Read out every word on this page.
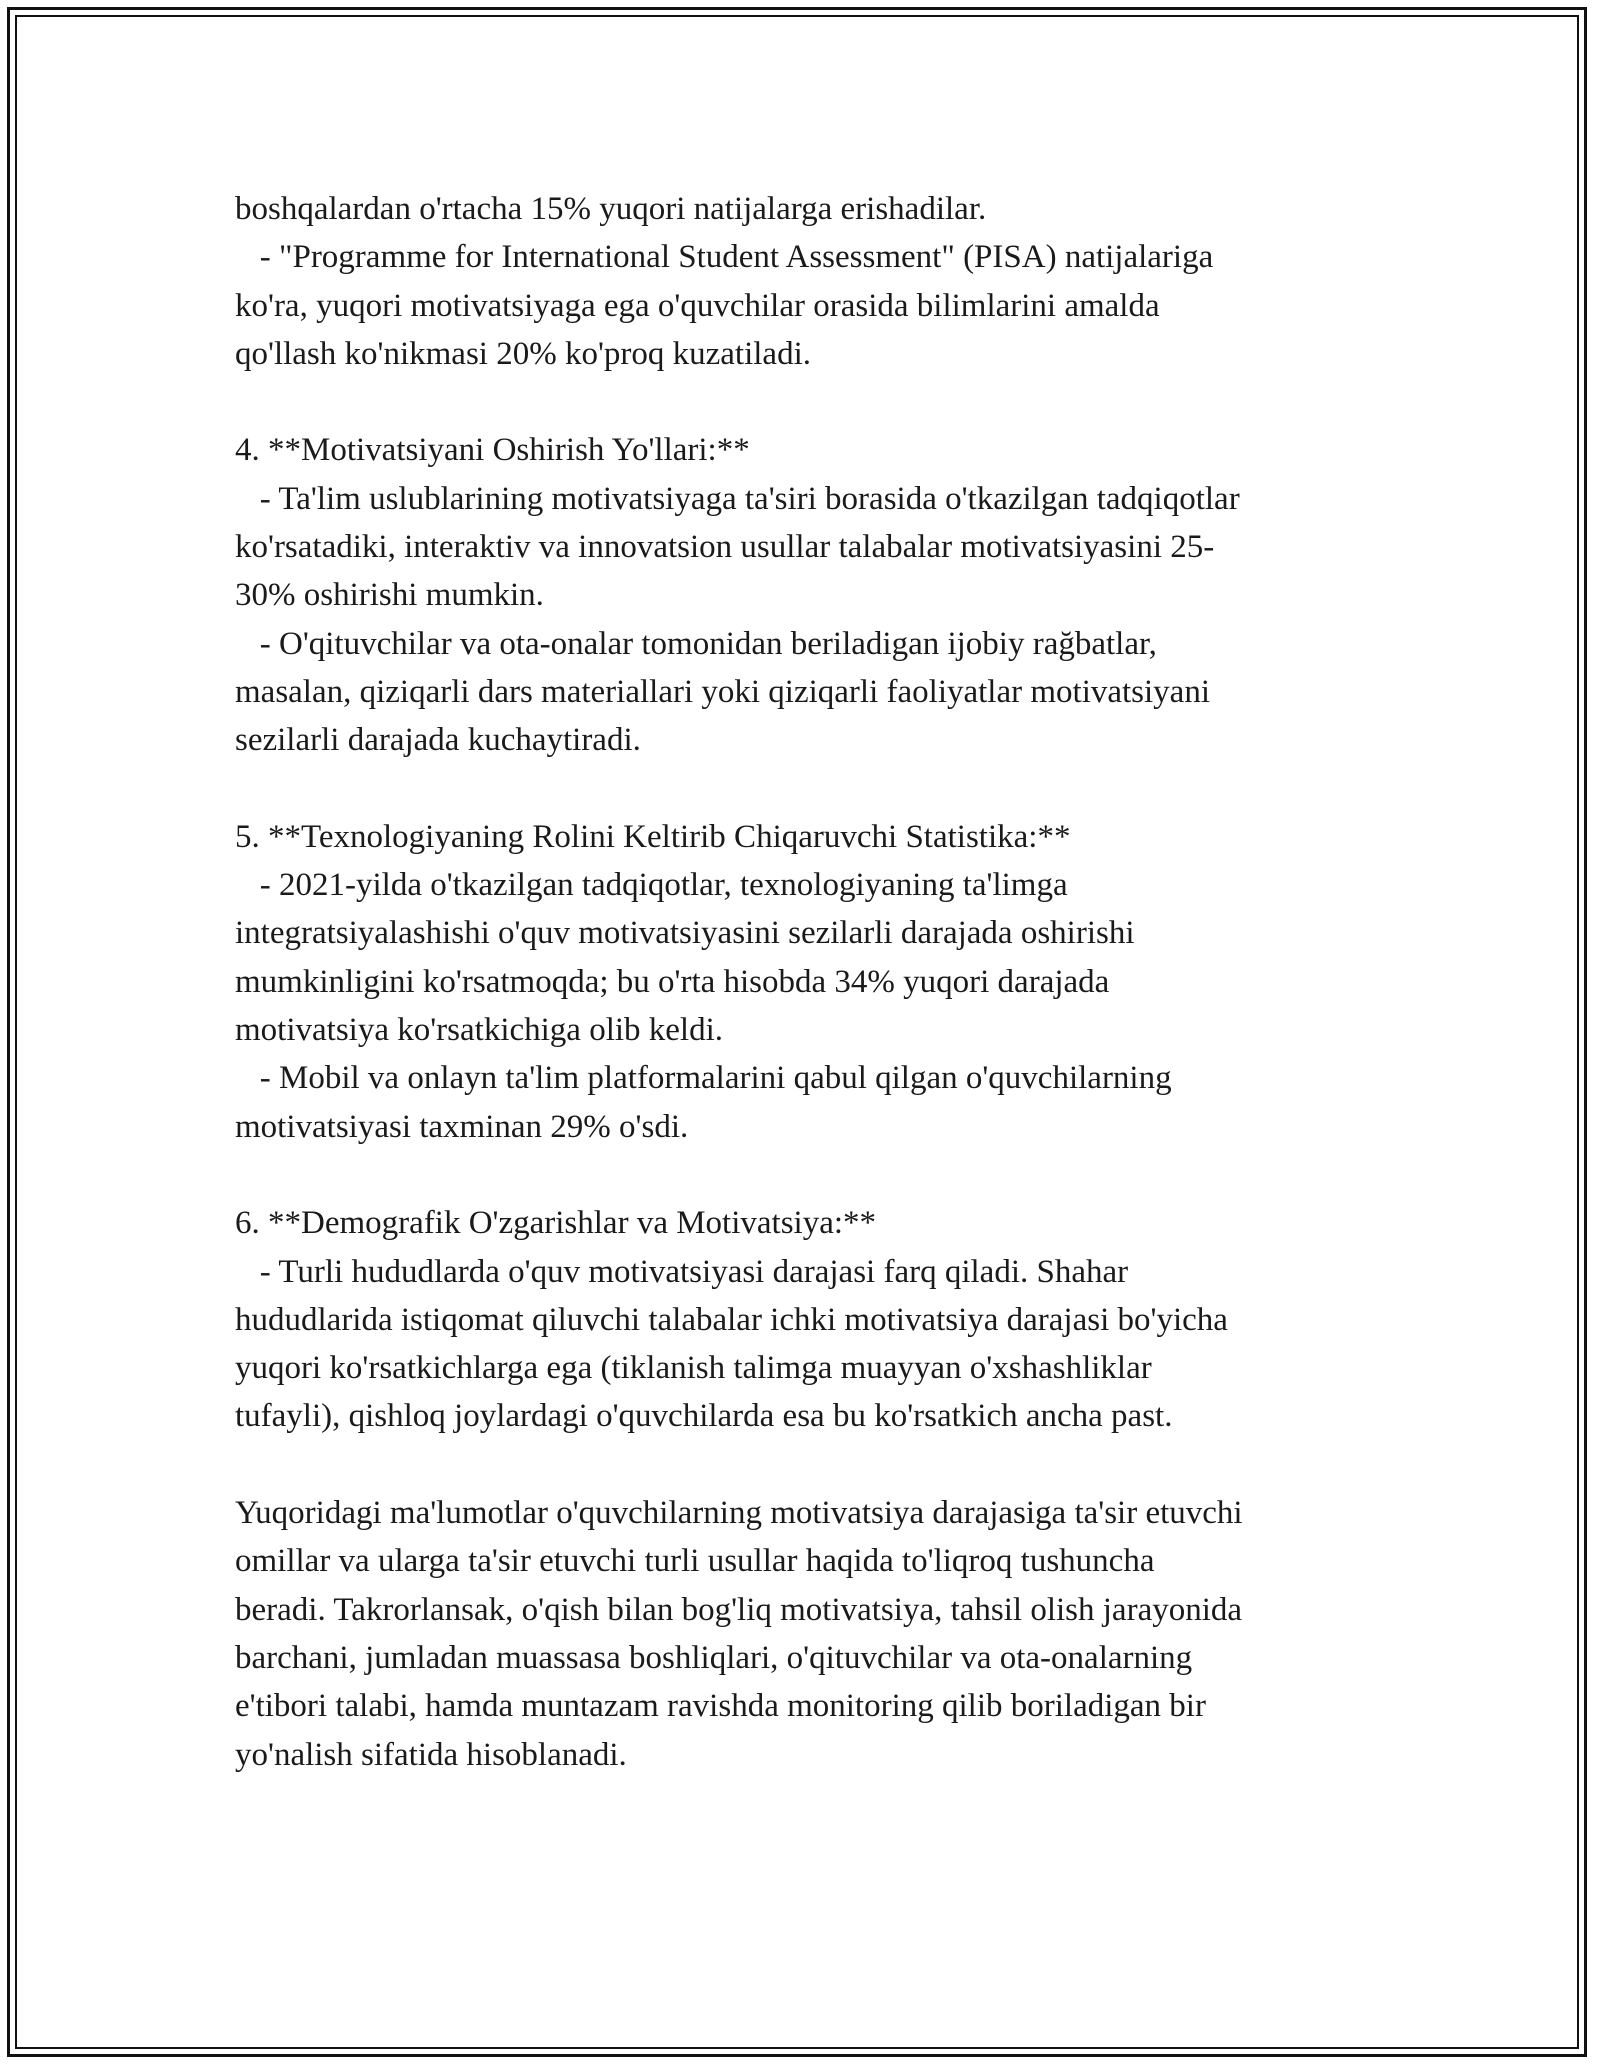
boshqalardan o'rtacha 15% yuqori natijalarga erishadilar.
- "Programme for International Student Assessment" (PISA) natijalariga
ko'ra, yuqori motivatsiyaga ega o'quvchilar orasida bilimlarini amalda
qo'llash ko'nikmasi 20% ko'proq kuzatiladi.
4. **Motivatsiyani Oshirish Yo'llari:**
- Ta'lim uslublarining motivatsiyaga ta'siri borasida o'tkazilgan tadqiqotlar
ko'rsatadiki, interaktiv va innovatsion usullar talabalar motivatsiyasini 25-
30% oshirishi mumkin.
- O'qituvchilar va ota-onalar tomonidan beriladigan ijobiy rağbatlar,
masalan, qiziqarli dars materiallari yoki qiziqarli faoliyatlar motivatsiyani
sezilarli darajada kuchaytiradi.
5. **Texnologiyaning Rolini Keltirib Chiqaruvchi Statistika:**
- 2021-yilda o'tkazilgan tadqiqotlar, texnologiyaning ta'limga
integratsiyalashishi o'quv motivatsiyasini sezilarli darajada oshirishi
mumkinligini ko'rsatmoqda; bu o'rta hisobda 34% yuqori darajada
motivatsiya ko'rsatkichiga olib keldi.
- Mobil va onlayn ta'lim platformalarini qabul qilgan o'quvchilarning
motivatsiyasi taxminan 29% o'sdi.
6. **Demografik O'zgarishlar va Motivatsiya:**
- Turli hududlarda o'quv motivatsiyasi darajasi farq qiladi. Shahar
hududlarida istiqomat qiluvchi talabalar ichki motivatsiya darajasi bo'yicha
yuqori ko'rsatkichlarga ega (tiklanish talimga muayyan o'xshashliklar
tufayli), qishloq joylardagi o'quvchilarda esa bu ko'rsatkich ancha past.
Yuqoridagi ma'lumotlar o'quvchilarning motivatsiya darajasiga ta'sir etuvchi
omillar va ularga ta'sir etuvchi turli usullar haqida to'liqroq tushuncha
beradi. Takrorlansak, o'qish bilan bog'liq motivatsiya, tahsil olish jarayonida
barchani, jumladan muassasa boshliqlari, o'qituvchilar va ota-onalarning
e'tibori talabi, hamda muntazam ravishda monitoring qilib boriladigan bir
yo'nalish sifatida hisoblanadi.
